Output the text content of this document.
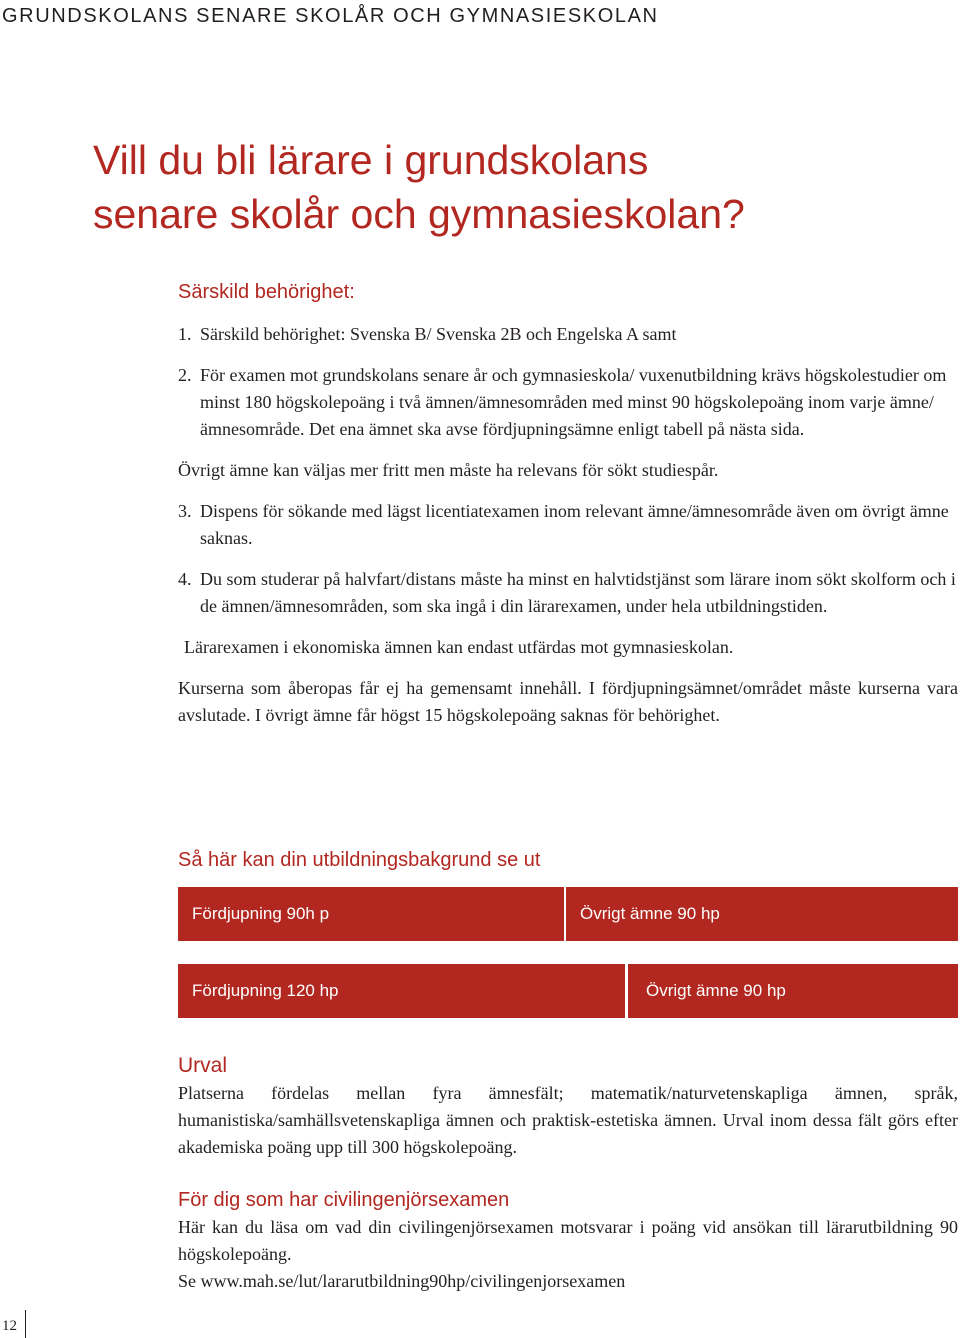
GRUNDSKOLANS SENARE SKOLÅR OCH GYMNASIESKOLAN
Vill du bli lärare i grundskolans
senare skolår och gymnasieskolan?
Särskild behörighet:
1. Särskild behörighet: Svenska B/ Svenska 2B och Engelska A samt
2. För examen mot grundskolans senare år och gymnasieskola/ vuxenutbildning krävs högskolestudier om minst 180 högskolepoäng i två ämnen/ämnesområden med minst 90 högskolepoäng inom varje ämne/ämnesområde. Det ena ämnet ska avse fördjupningsämne enligt tabell på nästa sida.

Övrigt ämne kan väljas mer fritt men måste ha relevans för sökt studiespår.

3. Dispens för sökande med lägst licentiatexamen inom relevant ämne/ämnesområde även om övrigt ämne saknas.
4. Du som studerar på halvfart/distans måste ha minst en halvtidstjänst som lärare inom sökt skolform och i de ämnen/ämnesområden, som ska ingå i din lärarexamen, under hela utbildningstiden.

Lärarexamen i ekonomiska ämnen kan endast utfärdas mot gymnasieskolan.

Kurserna som åberopas får ej ha gemensamt innehåll. I fördjupningsämnet/området måste kurserna vara avslutade. I övrigt ämne får högst 15 högskolepoäng saknas för behörighet.

Så här kan din utbildningsbakgrund se ut
Fördjupning 90h p	Övrigt ämne 90 hp
Fördjupning 120 hp	Övrigt ämne 90 hp
Urval

Platserna fördelas mellan fyra ämnesfält; matematik/naturvetenskapliga ämnen, språk, humanistiska/samhällsvetenskapliga ämnen och praktisk-estetiska ämnen. Urval inom dessa fält görs efter akademiska poäng upp till 300 högskolepoäng.

För dig som har civilingenjörsexamen

Här kan du läsa om vad din civilingenjörsexamen motsvarar i poäng vid ansökan till lärarutbildning 90 högskolepoäng.

Se www.mah.se/lut/lararutbildning90hp/civilingenjorsexamen

12
